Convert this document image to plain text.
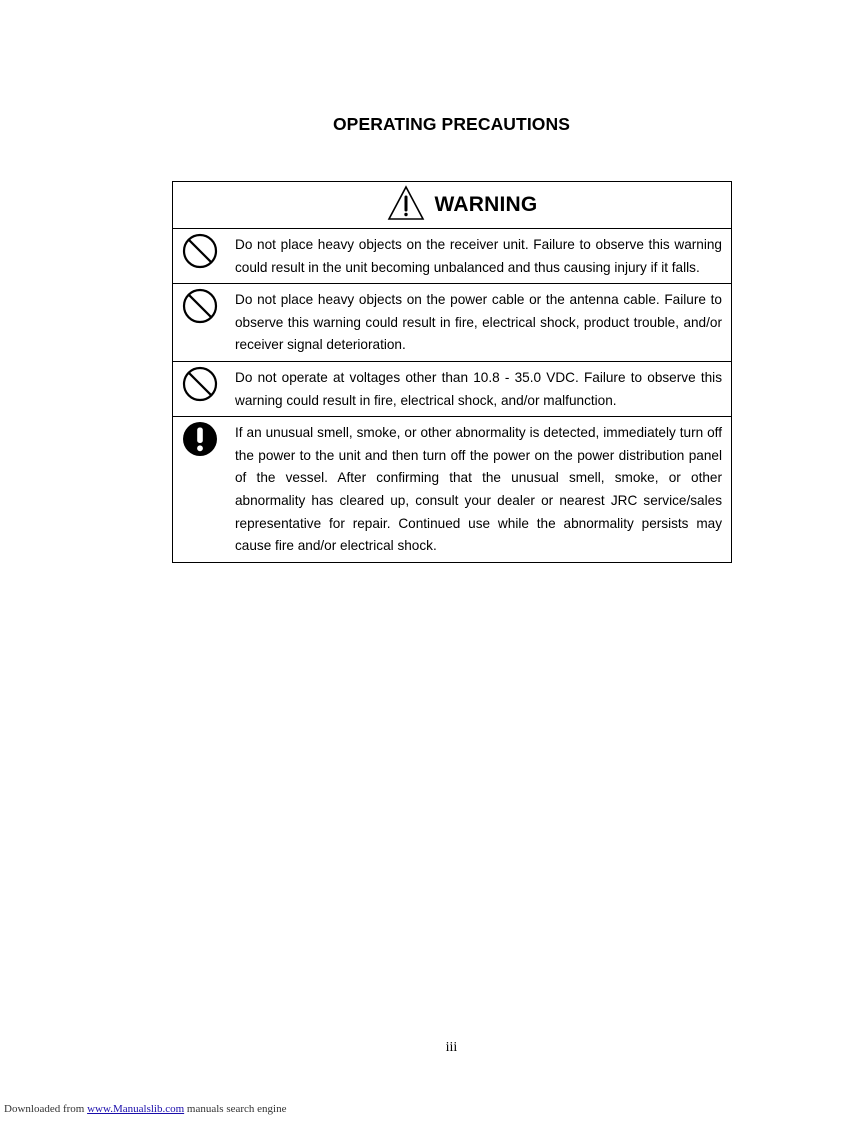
OPERATING PRECAUTIONS
WARNING

Do not place heavy objects on the receiver unit. Failure to observe this warning could result in the unit becoming unbalanced and thus causing injury if it falls.

Do not place heavy objects on the power cable or the antenna cable. Failure to observe this warning could result in fire, electrical shock, product trouble, and/or receiver signal deterioration.

Do not operate at voltages other than 10.8 - 35.0 VDC. Failure to observe this warning could result in fire, electrical shock, and/or malfunction.

If an unusual smell, smoke, or other abnormality is detected, immediately turn off the power to the unit and then turn off the power on the power distribution panel of the vessel. After confirming that the unusual smell, smoke, or other abnormality has cleared up, consult your dealer or nearest JRC service/sales representative for repair. Continued use while the abnormality persists may cause fire and/or electrical shock.
iii
Downloaded from www.Manualslib.com manuals search engine
